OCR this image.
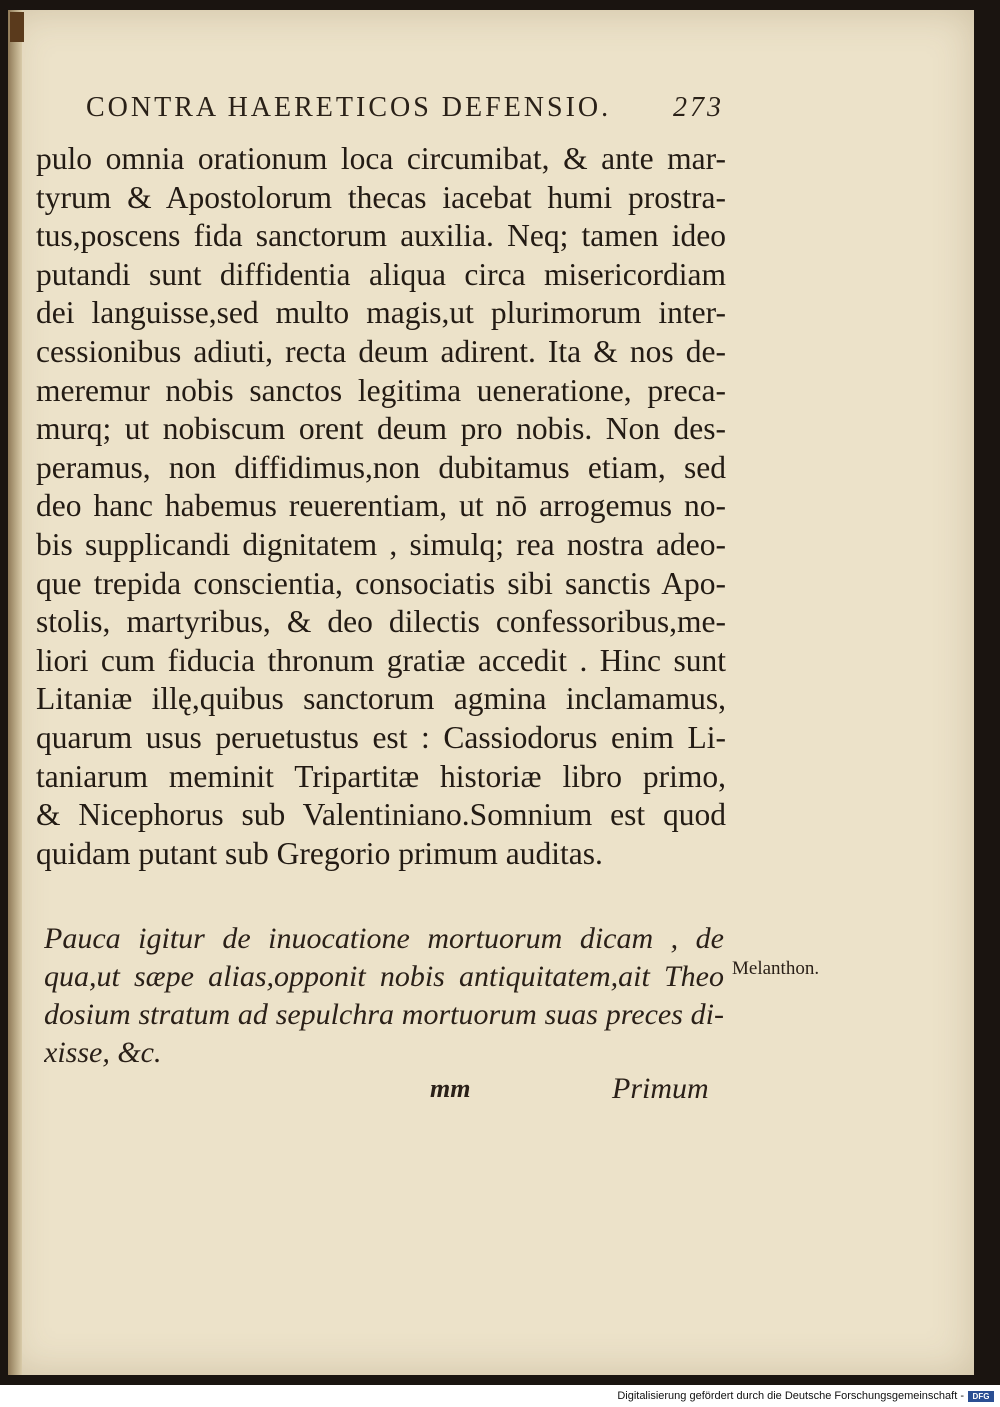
CONTRA HAERETICOS DEFENSIO. 273
pulo omnia orationum loca circumibat, & ante mar-
tyrum & Apostolorum thecas iacebat humi prostra-
tus,poscens fida sanctorum auxilia. Neq; tamen ideo
putandi sunt diffidentia aliqua circa misericordiam
dei languisse,sed multo magis,ut plurimorum inter-
cessionibus adiuti, recta deum adirent. Ita & nos de-
meremur nobis sanctos legitima ueneratione, preca-
murq; ut nobiscum orent deum pro nobis. Non des-
peramus, non diffidimus,non dubitamus etiam, sed
deo hanc habemus reuerentiam, ut nō arrogemus no-
bis supplicandi dignitatem , simulq; rea nostra adeo-
que trepida conscientia, consociatis sibi sanctis Apo-
stolis, martyribus, & deo dilectis confessoribus,me-
liori cum fiducia thronum gratiæ accedit . Hinc sunt
Litaniæ illę,quibus sanctorum agmina inclamamus,
quarum usus peruetustus est : Cassiodorus enim Li-
taniarum meminit Tripartitæ historiæ libro primo,
& Nicephorus sub Valentiniano.Somnium est quod
quidam putant sub Gregorio primum auditas.
Pauca igitur de inuocatione mortuorum dicam , de
qua,ut sæpe alias,opponit nobis antiquitatem,ait Theo
dosium stratum ad sepulchra mortuorum suas preces di-
xisse, &c.
Melanthon.
mm	Primum
Digitalisierung gefördert durch die Deutsche Forschungsgemeinschaft -	DFG
